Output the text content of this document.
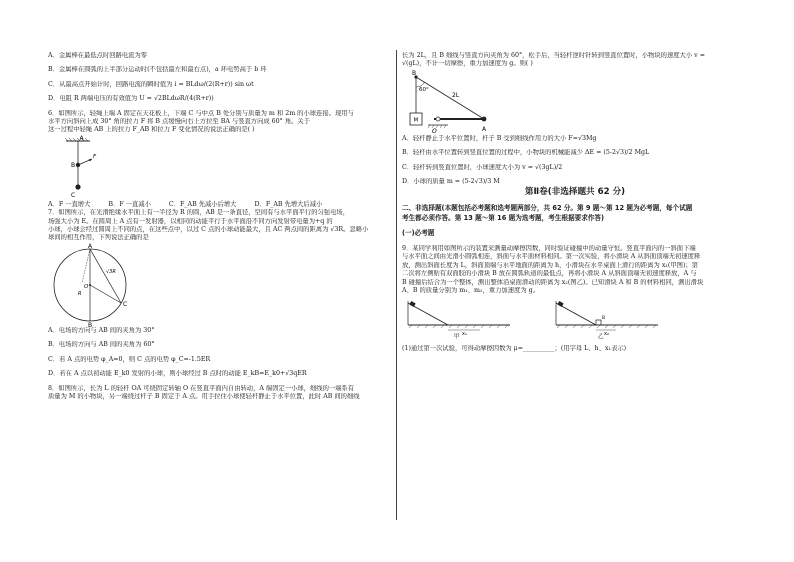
A．金属棒在最低点时回路电流为零
B．金属棒在圆弧的上半部分运动时(不包括最左和最右点)，a 环电势高于 b 环
C．从最高点开始计时，回路电流的瞬时值为 i = BLdω/(2(R+r)) sin ωt
D．电阻 R 两端电压的有效值为 U = √2BLdωR/(4(R+r))
6．如图所示，轻绳上端 A 固定在天花板上，下端 C 与中点 B 处分别与质量为 m 和 2m 的小球连接。现用与
水平方向斜向上成 30° 角的拉力 F 将 B 点缓慢向右上方拉至 BA 与竖直方向成 60° 角。关于
这一过程中轻绳 AB 上的拉力 F_AB 和拉力 F 变化情况的说法正确的是( )
A
B
F
C
A．F 一直增大	B．F 一直减小	C．F_AB 先减小后增大	D．F_AB 先增大后减小
7．如图所示，在光滑绝缘水平面上有一半径为 R 的圆，AB 是一条直径，空间有与水平面平行的匀强电场，
场强大小为 E。在圆周上 A 点有一发射器，以相同的动能平行于水平面沿不同方向发射带电量为+q 的
小球，小球会经过圆周上不同的点，在这些点中，以过 C 点的小球动能最大，且 AC 两点间的距离为 √3R。忽略小
球间的相互作用，下列说法正确的是
A
B
C
O
R
√3R
A．电场的方向与 AB 间的夹角为 30°
B．电场的方向与 AB 间的夹角为 60°
C．若 A 点的电势 φ_A=0，则 C 点的电势 φ_C=-1.5ER
D．若在 A 点以初动能 E_k0 发射的小球，则小球经过 B 点时的动能 E_kB=E_k0+√3qER
8．如图所示，长为 L 的轻杆 OA 可绕固定转轴 O 在竖直平面内自由转动，A 端固定一小球，细线的一端系有
质量为 M 的小物块，另一端绕过杆子 B 固定于 A 点。用手拉住小球使轻杆静止于水平位置，此时 AB 间的细线
长为 2L，且 B 细线与竖直方向夹角为 60°，松手后，当轻杆逆时针转到竖直位置时，小物块的速度大小 v =
√(gL)，不计一切摩擦，重力加速度为 g。则( )
B
60°
2L
M
O	A
A．轻杆静止于水平位置时，杆子 B 受到细线作用力的大小 F=√3Mg
B．轻杆由水平位置转到竖直位置的过程中，小物块的机械能减少 ΔE = (5-2√3)/2 MgL
C．轻杆转到竖直位置时，小球速度大小为 v = √(3gL)/2
D．小球的质量 m = (5-2√3)/3 M
第Ⅱ卷(非选择题共 62 分)
二、非选择题(本题包括必考题和选考题两部分，共 62 分。第 9 题～第 12 题为必考题，每个试题
考生都必须作答。第 13 题～第 16 题为选考题，考生根据要求作答)
(一)必考题
9．某同学利用如图所示的装置来测量动摩擦因数，同时验证碰撞中的动量守恒。竖直平面内的一斜面下端
与水平面之间由光滑小圆弧相连，斜面与水平面材料相同。第一次实验，将小滑块 A 从斜面顶端无初速度释
放，测出斜面长度为 L，斜面顶端与水平地面的距离为 h，小滑块在水平桌面上滑行的距离为 x₁(甲图)；第
二次将左侧贴有双面胶的小滑块 B 放在圆弧轨道的最低点，再将小滑块 A 从斜面顶端无初速度释放，A 与
B 碰撞后结合为一个整体，测出整体沿桌面滑动的距离为 x₂(图乙)。已知滑块 A 和 B 的材料相同，测出滑块
A、B 的质量分别为 m₁、m₂，重力加速度为 g。
x₁
甲
B
x₂
乙
(1)通过第一次试验，可得动摩擦因数为 μ=__________；(用字母 L、h、x₁表示)
